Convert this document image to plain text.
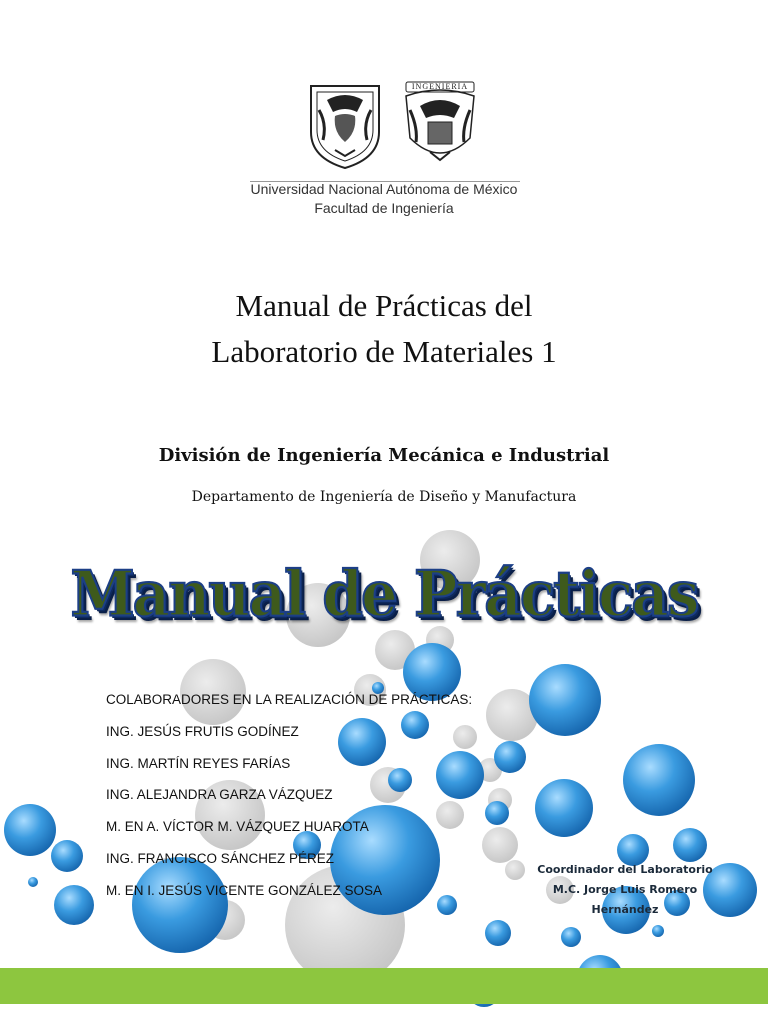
INGENIERIA
Universidad Nacional Autónoma de México
Facultad de Ingeniería
Manual de Prácticas del
Laboratorio de Materiales 1
División de Ingeniería Mecánica e Industrial
Departamento de Ingeniería de Diseño y Manufactura
Manual de Prácticas
COLABORADORES EN LA REALIZACIÓN DE PRÁCTICAS:
ING. JESÚS FRUTIS GODÍNEZ
ING. MARTÍN REYES FARÍAS
ING. ALEJANDRA GARZA VÁZQUEZ
M. EN A. VÍCTOR M. VÁZQUEZ HUAROTA
ING. FRANCISCO SÁNCHEZ PÉREZ
M. EN I. JESÚS VICENTE GONZÁLEZ SOSA
Coordinador del Laboratorio
M.C. Jorge Luis Romero Hernández
